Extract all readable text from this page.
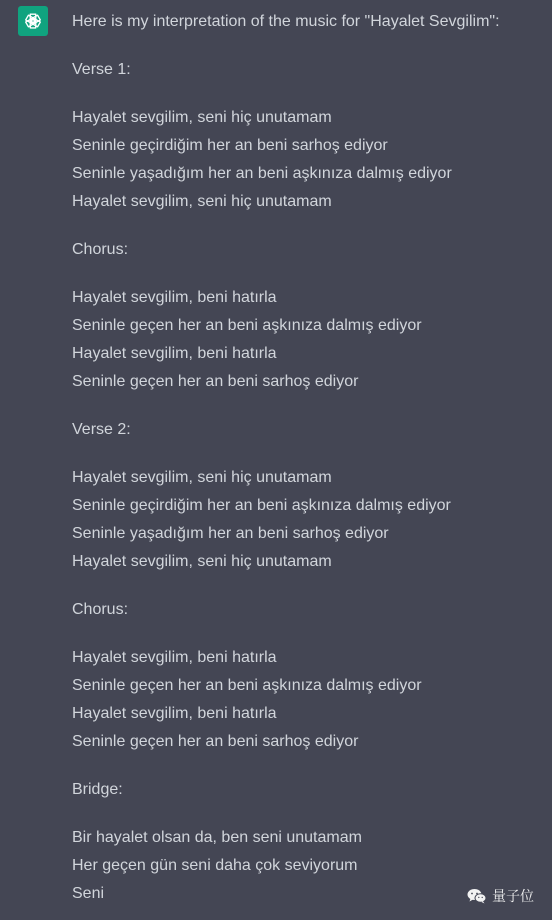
Here is my interpretation of the music for "Hayalet Sevgilim":
Verse 1:
Hayalet sevgilim, seni hiç unutamam
Seninle geçirdiğim her an beni sarhoş ediyor
Seninle yaşadığım her an beni aşkınıza dalmış ediyor
Hayalet sevgilim, seni hiç unutamam
Chorus:
Hayalet sevgilim, beni hatırla
Seninle geçen her an beni aşkınıza dalmış ediyor
Hayalet sevgilim, beni hatırla
Seninle geçen her an beni sarhoş ediyor
Verse 2:
Hayalet sevgilim, seni hiç unutamam
Seninle geçirdiğim her an beni aşkınıza dalmış ediyor
Seninle yaşadığım her an beni sarhoş ediyor
Hayalet sevgilim, seni hiç unutamam
Chorus:
Hayalet sevgilim, beni hatırla
Seninle geçen her an beni aşkınıza dalmış ediyor
Hayalet sevgilim, beni hatırla
Seninle geçen her an beni sarhoş ediyor
Bridge:
Bir hayalet olsan da, ben seni unutamam
Her geçen gün seni daha çok seviyorum
Seni	量子位
